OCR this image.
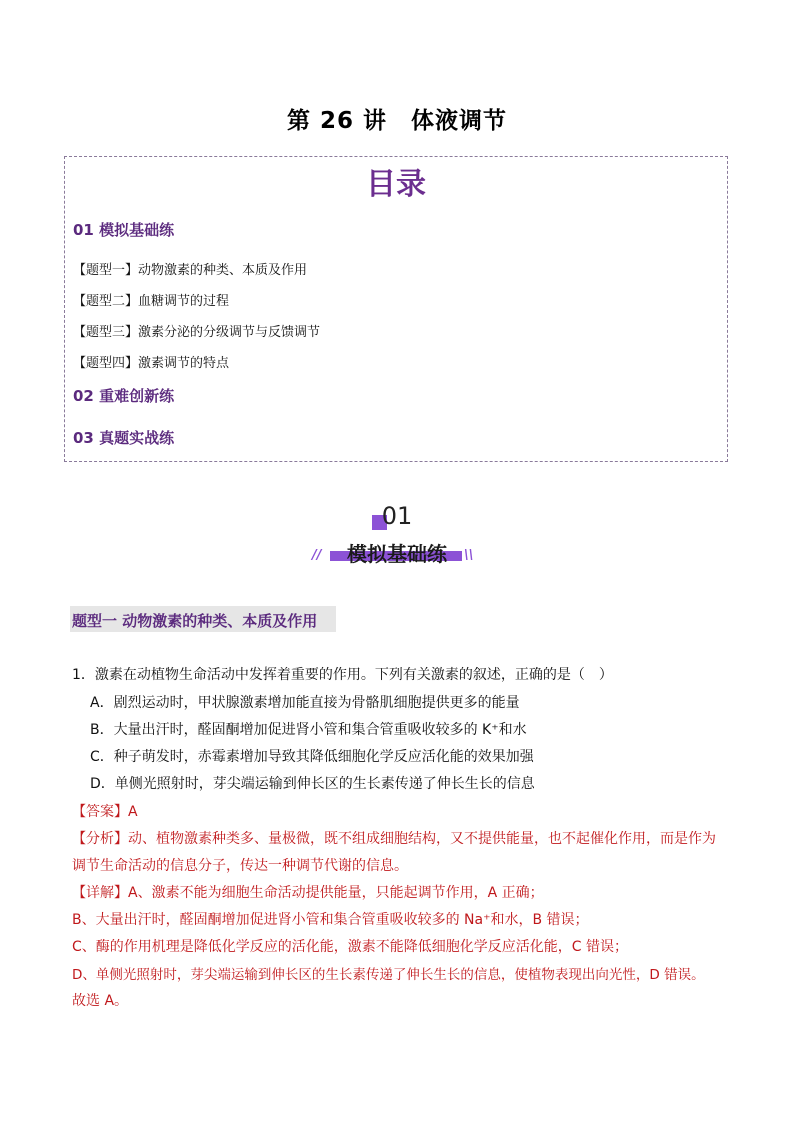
第 26 讲　体液调节
目录
01 模拟基础练
【题型一】动物激素的种类、本质及作用
【题型二】血糖调节的过程
【题型三】激素分泌的分级调节与反馈调节
【题型四】激素调节的特点
02 重难创新练
03 真题实战练
01
//	模拟基础练	\\
题型一 动物激素的种类、本质及作用
1．激素在动植物生命活动中发挥着重要的作用。下列有关激素的叙述，正确的是（　）
A．剧烈运动时，甲状腺激素增加能直接为骨骼肌细胞提供更多的能量
B．大量出汗时，醛固酮增加促进肾小管和集合管重吸收较多的 K⁺和水
C．种子萌发时，赤霉素增加导致其降低细胞化学反应活化能的效果加强
D．单侧光照射时，芽尖端运输到伸长区的生长素传递了伸长生长的信息
【答案】A
【分析】动、植物激素种类多、量极微，既不组成细胞结构，又不提供能量，也不起催化作用，而是作为
调节生命活动的信息分子，传达一种调节代谢的信息。
【详解】A、激素不能为细胞生命活动提供能量，只能起调节作用，A 正确；
B、大量出汗时，醛固酮增加促进肾小管和集合管重吸收较多的 Na⁺和水，B 错误；
C、酶的作用机理是降低化学反应的活化能，激素不能降低细胞化学反应活化能，C 错误；
D、单侧光照射时，芽尖端运输到伸长区的生长素传递了伸长生长的信息，使植物表现出向光性，D 错误。
故选 A。
